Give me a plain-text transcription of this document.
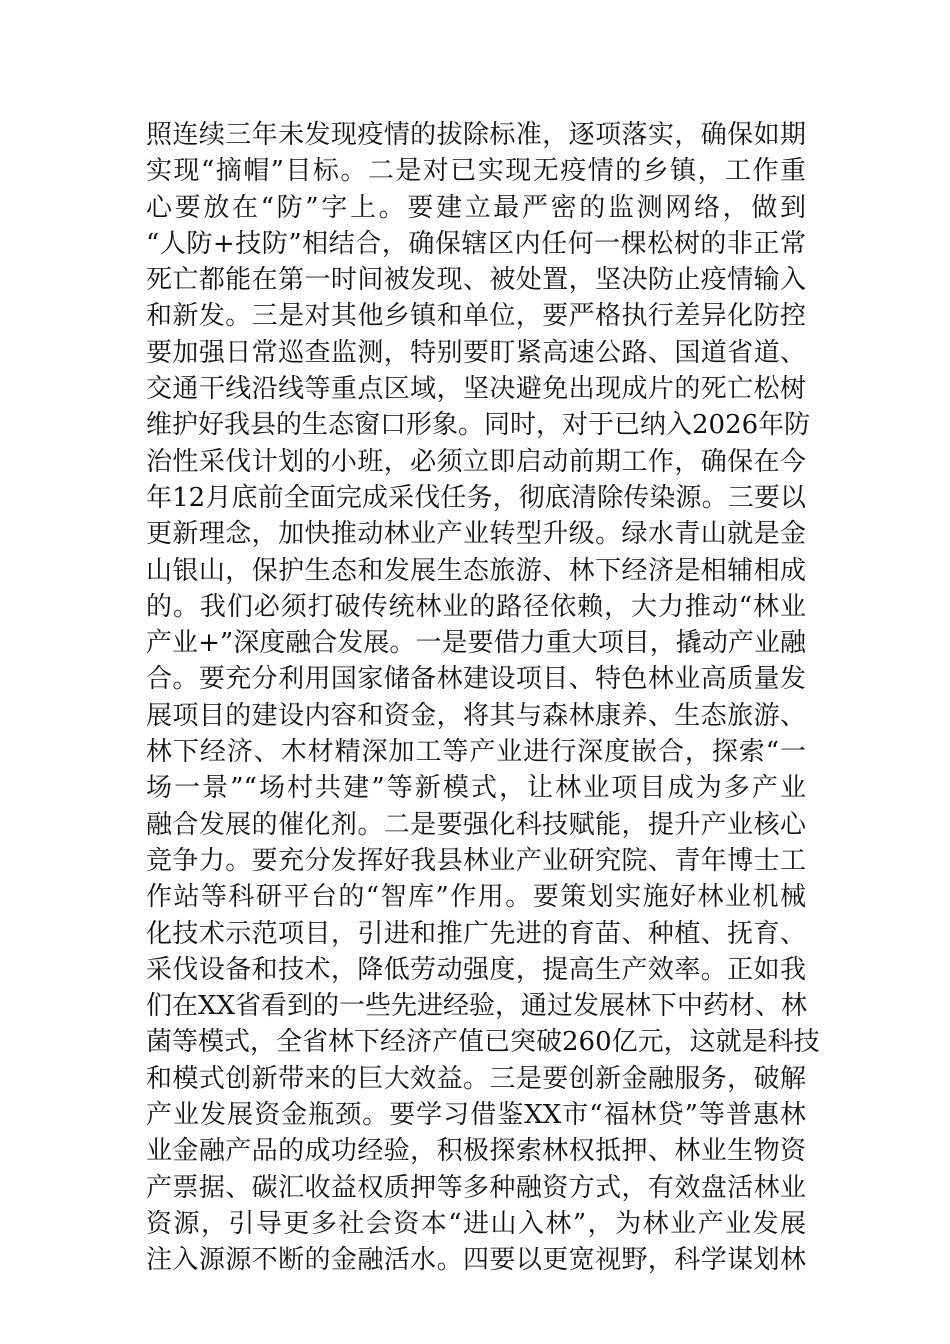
照连续三年未发现疫情的拔除标准，逐项落实，确保如期
实现“摘帽”目标。二是对已实现无疫情的乡镇，工作重
心要放在“防”字上。要建立最严密的监测网络，做到
“人防+技防”相结合，确保辖区内任何一棵松树的非正常
死亡都能在第一时间被发现、被处置，坚决防止疫情输入
和新发。三是对其他乡镇和单位，要严格执行差异化防控
要加强日常巡查监测，特别要盯紧高速公路、国道省道、
交通干线沿线等重点区域，坚决避免出现成片的死亡松树
维护好我县的生态窗口形象。同时，对于已纳入2026年防
治性采伐计划的小班，必须立即启动前期工作，确保在今
年12月底前全面完成采伐任务，彻底清除传染源。三要以
更新理念，加快推动林业产业转型升级。绿水青山就是金
山银山，保护生态和发展生态旅游、林下经济是相辅相成
的。我们必须打破传统林业的路径依赖，大力推动“林业
产业+”深度融合发展。一是要借力重大项目，撬动产业融
合。要充分利用国家储备林建设项目、特色林业高质量发
展项目的建设内容和资金，将其与森林康养、生态旅游、
林下经济、木材精深加工等产业进行深度嵌合，探索“一
场一景”“场村共建”等新模式，让林业项目成为多产业
融合发展的催化剂。二是要强化科技赋能，提升产业核心
竞争力。要充分发挥好我县林业产业研究院、青年博士工
作站等科研平台的“智库”作用。要策划实施好林业机械
化技术示范项目，引进和推广先进的育苗、种植、抚育、
采伐设备和技术，降低劳动强度，提高生产效率。正如我
们在XX省看到的一些先进经验，通过发展林下中药材、林
菌等模式，全省林下经济产值已突破260亿元，这就是科技
和模式创新带来的巨大效益。三是要创新金融服务，破解
产业发展资金瓶颈。要学习借鉴XX市“福林贷”等普惠林
业金融产品的成功经验，积极探索林权抵押、林业生物资
产票据、碳汇收益权质押等多种融资方式，有效盘活林业
资源，引导更多社会资本“进山入林”，为林业产业发展
注入源源不断的金融活水。四要以更宽视野，科学谋划林
